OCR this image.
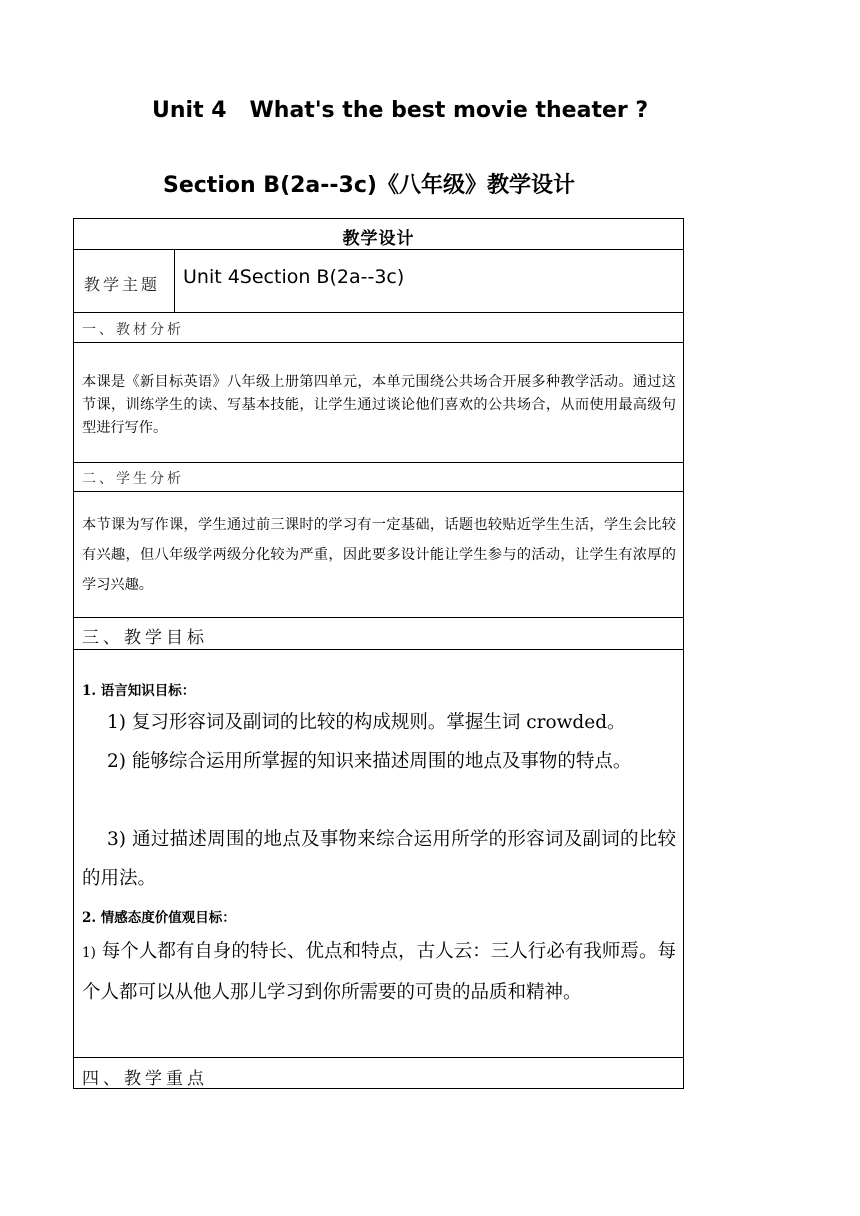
Unit 4   What's the best movie theater ?

Section B(2a--3c)《八年级》教学设计

教学设计
教学主题 Unit 4Section B(2a--3c)
一、教材分析
本课是《新目标英语》八年级上册第四单元，本单元围绕公共场合开展多种教学活动。通过这节课，训练学生的读、写基本技能，让学生通过谈论他们喜欢的公共场合，从而使用最高级句型进行写作。
二、学生分析
本节课为写作课，学生通过前三课时的学习有一定基础，话题也较贴近学生生活，学生会比较有兴趣，但八年级学两级分化较为严重，因此要多设计能让学生参与的活动，让学生有浓厚的学习兴趣。
三、教学目标
1. 语言知识目标：
1) 复习形容词及副词的比较的构成规则。掌握生词 crowded。
2) 能够综合运用所掌握的知识来描述周围的地点及事物的特点。
3) 通过描述周围的地点及事物来综合运用所学的形容词及副词的比较的用法。
2. 情感态度价值观目标：
1) 每个人都有自身的特长、优点和特点，古人云：三人行必有我师焉。每个人都可以从他人那儿学习到你所需要的可贵的品质和精神。
四、教学重点
